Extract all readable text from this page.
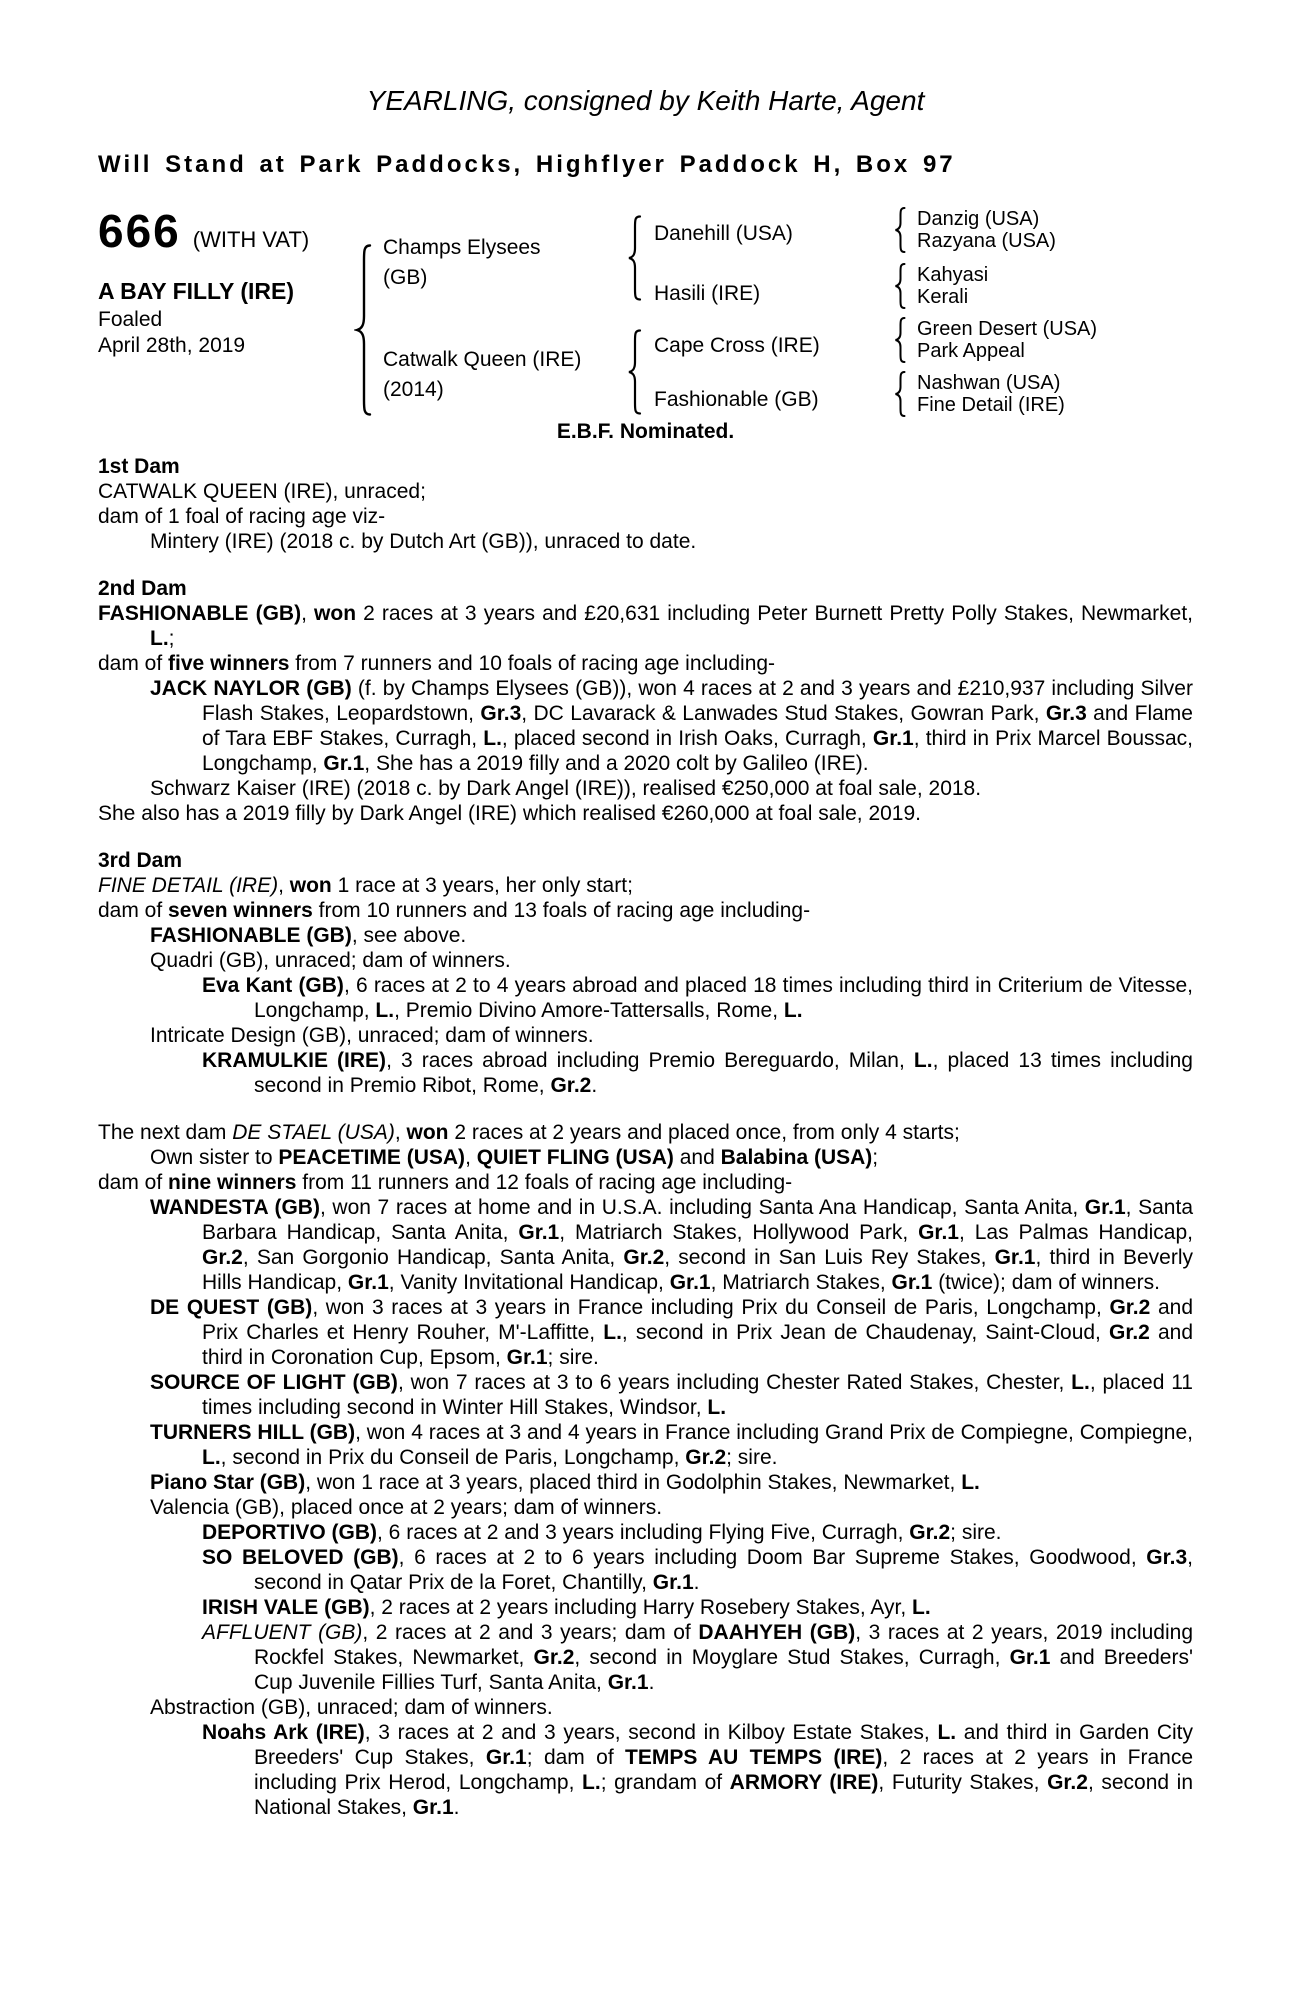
YEARLING, consigned by Keith Harte, Agent
Will Stand at Park Paddocks, Highflyer Paddock H, Box 97
666 (WITH VAT)
A BAY FILLY (IRE)
Foaled
April 28th, 2019
Champs Elysees (GB)
Catwalk Queen (IRE) (2014)
Danehill (USA)
Hasili (IRE)
Cape Cross (IRE)
Fashionable (GB)
Danzig (USA)
Razyana (USA)
Kahyasi
Kerali
Green Desert (USA)
Park Appeal
Nashwan (USA)
Fine Detail (IRE)
E.B.F. Nominated.
1st Dam

CATWALK QUEEN (IRE), unraced;

dam of 1 foal of racing age viz-

Mintery (IRE) (2018 c. by Dutch Art (GB)), unraced to date.

2nd Dam

FASHIONABLE (GB), won 2 races at 3 years and £20,631 including Peter Burnett Pretty Polly Stakes, Newmarket, L.;

dam of five winners from 7 runners and 10 foals of racing age including-

JACK NAYLOR (GB) (f. by Champs Elysees (GB)), won 4 races at 2 and 3 years and £210,937 including Silver Flash Stakes, Leopardstown, Gr.3, DC Lavarack & Lanwades Stud Stakes, Gowran Park, Gr.3 and Flame of Tara EBF Stakes, Curragh, L., placed second in Irish Oaks, Curragh, Gr.1, third in Prix Marcel Boussac, Longchamp, Gr.1, She has a 2019 filly and a 2020 colt by Galileo (IRE).

Schwarz Kaiser (IRE) (2018 c. by Dark Angel (IRE)), realised €250,000 at foal sale, 2018.

She also has a 2019 filly by Dark Angel (IRE) which realised €260,000 at foal sale, 2019.

3rd Dam

FINE DETAIL (IRE), won 1 race at 3 years, her only start;

dam of seven winners from 10 runners and 13 foals of racing age including-

FASHIONABLE (GB), see above.

Quadri (GB), unraced; dam of winners.

Eva Kant (GB), 6 races at 2 to 4 years abroad and placed 18 times including third in Criterium de Vitesse, Longchamp, L., Premio Divino Amore-Tattersalls, Rome, L.

Intricate Design (GB), unraced; dam of winners.

KRAMULKIE (IRE), 3 races abroad including Premio Bereguardo, Milan, L., placed 13 times including second in Premio Ribot, Rome, Gr.2.

The next dam DE STAEL (USA), won 2 races at 2 years and placed once, from only 4 starts;

Own sister to PEACETIME (USA), QUIET FLING (USA) and Balabina (USA);

dam of nine winners from 11 runners and 12 foals of racing age including-

WANDESTA (GB), won 7 races at home and in U.S.A. including Santa Ana Handicap, Santa Anita, Gr.1, Santa Barbara Handicap, Santa Anita, Gr.1, Matriarch Stakes, Hollywood Park, Gr.1, Las Palmas Handicap, Gr.2, San Gorgonio Handicap, Santa Anita, Gr.2, second in San Luis Rey Stakes, Gr.1, third in Beverly Hills Handicap, Gr.1, Vanity Invitational Handicap, Gr.1, Matriarch Stakes, Gr.1 (twice); dam of winners.

DE QUEST (GB), won 3 races at 3 years in France including Prix du Conseil de Paris, Longchamp, Gr.2 and Prix Charles et Henry Rouher, M'-Laffitte, L., second in Prix Jean de Chaudenay, Saint-Cloud, Gr.2 and third in Coronation Cup, Epsom, Gr.1; sire.

SOURCE OF LIGHT (GB), won 7 races at 3 to 6 years including Chester Rated Stakes, Chester, L., placed 11 times including second in Winter Hill Stakes, Windsor, L.

TURNERS HILL (GB), won 4 races at 3 and 4 years in France including Grand Prix de Compiegne, Compiegne, L., second in Prix du Conseil de Paris, Longchamp, Gr.2; sire.

Piano Star (GB), won 1 race at 3 years, placed third in Godolphin Stakes, Newmarket, L.

Valencia (GB), placed once at 2 years; dam of winners.

DEPORTIVO (GB), 6 races at 2 and 3 years including Flying Five, Curragh, Gr.2; sire.

SO BELOVED (GB), 6 races at 2 to 6 years including Doom Bar Supreme Stakes, Goodwood, Gr.3, second in Qatar Prix de la Foret, Chantilly, Gr.1.

IRISH VALE (GB), 2 races at 2 years including Harry Rosebery Stakes, Ayr, L.

AFFLUENT (GB), 2 races at 2 and 3 years; dam of DAAHYEH (GB), 3 races at 2 years, 2019 including Rockfel Stakes, Newmarket, Gr.2, second in Moyglare Stud Stakes, Curragh, Gr.1 and Breeders' Cup Juvenile Fillies Turf, Santa Anita, Gr.1.

Abstraction (GB), unraced; dam of winners.

Noahs Ark (IRE), 3 races at 2 and 3 years, second in Kilboy Estate Stakes, L. and third in Garden City Breeders' Cup Stakes, Gr.1; dam of TEMPS AU TEMPS (IRE), 2 races at 2 years in France including Prix Herod, Longchamp, L.; grandam of ARMORY (IRE), Futurity Stakes, Gr.2, second in National Stakes, Gr.1.
